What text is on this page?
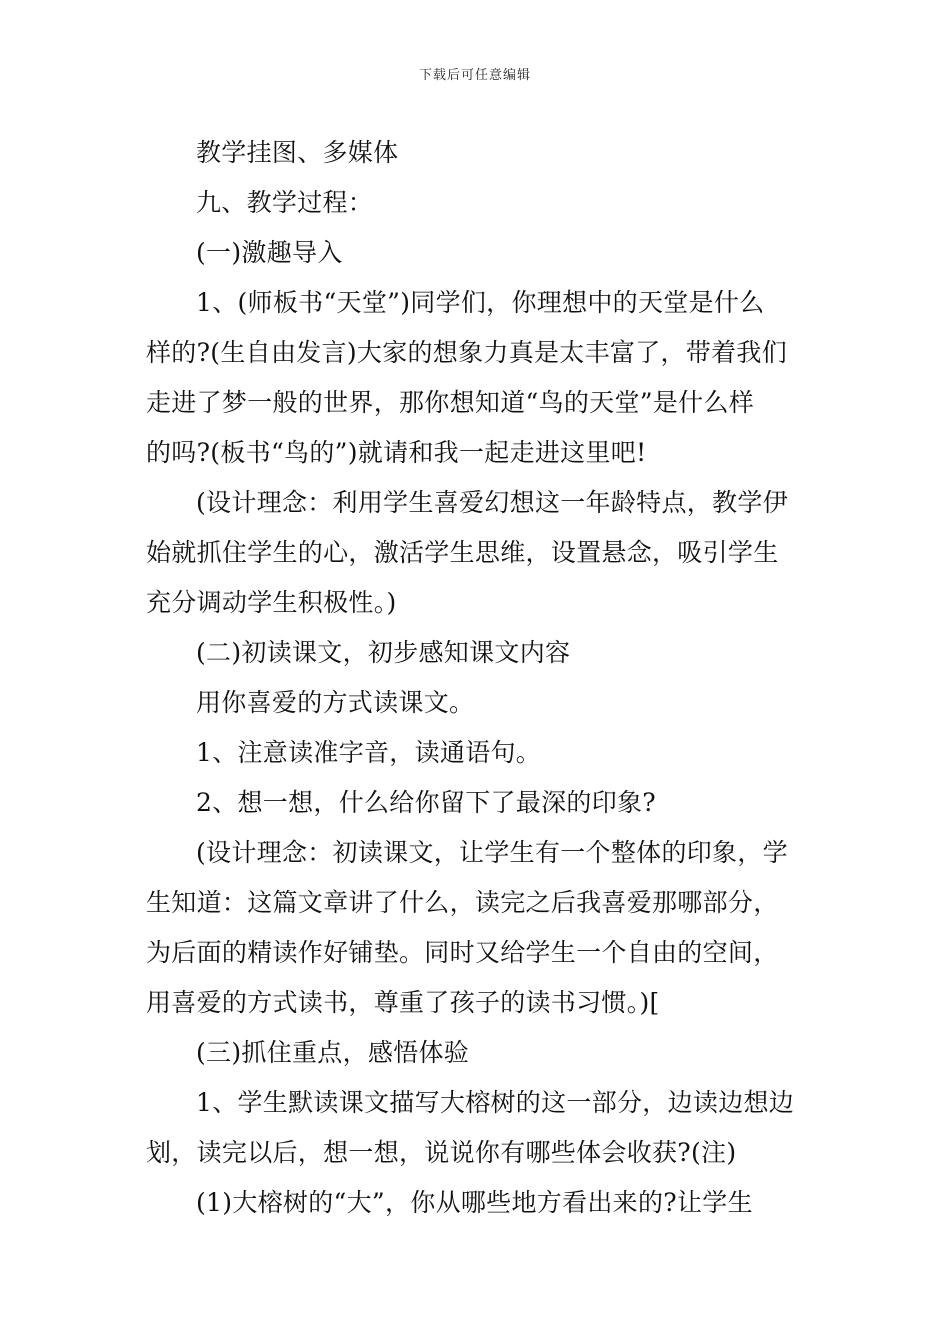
下载后可任意编辑
教学挂图、多媒体
九、教学过程：
(一)激趣导入
1、(师板书“天堂”)同学们，你理想中的天堂是什么
样的?(生自由发言)大家的想象力真是太丰富了，带着我们
走进了梦一般的世界，那你想知道“鸟的天堂”是什么样
的吗?(板书“鸟的”)就请和我一起走进这里吧!
(设计理念：利用学生喜爱幻想这一年龄特点，教学伊
始就抓住学生的心，激活学生思维，设置悬念，吸引学生
充分调动学生积极性。)
(二)初读课文，初步感知课文内容
用你喜爱的方式读课文。
1、注意读准字音，读通语句。
2、想一想，什么给你留下了最深的印象?
(设计理念：初读课文，让学生有一个整体的印象，学
生知道：这篇文章讲了什么，读完之后我喜爱那哪部分，
为后面的精读作好铺垫。同时又给学生一个自由的空间，
用喜爱的方式读书，尊重了孩子的读书习惯。)[
(三)抓住重点，感悟体验
1、学生默读课文描写大榕树的这一部分，边读边想边
划，读完以后，想一想，说说你有哪些体会收获?(注)
(1)大榕树的“大”，你从哪些地方看出来的?让学生
